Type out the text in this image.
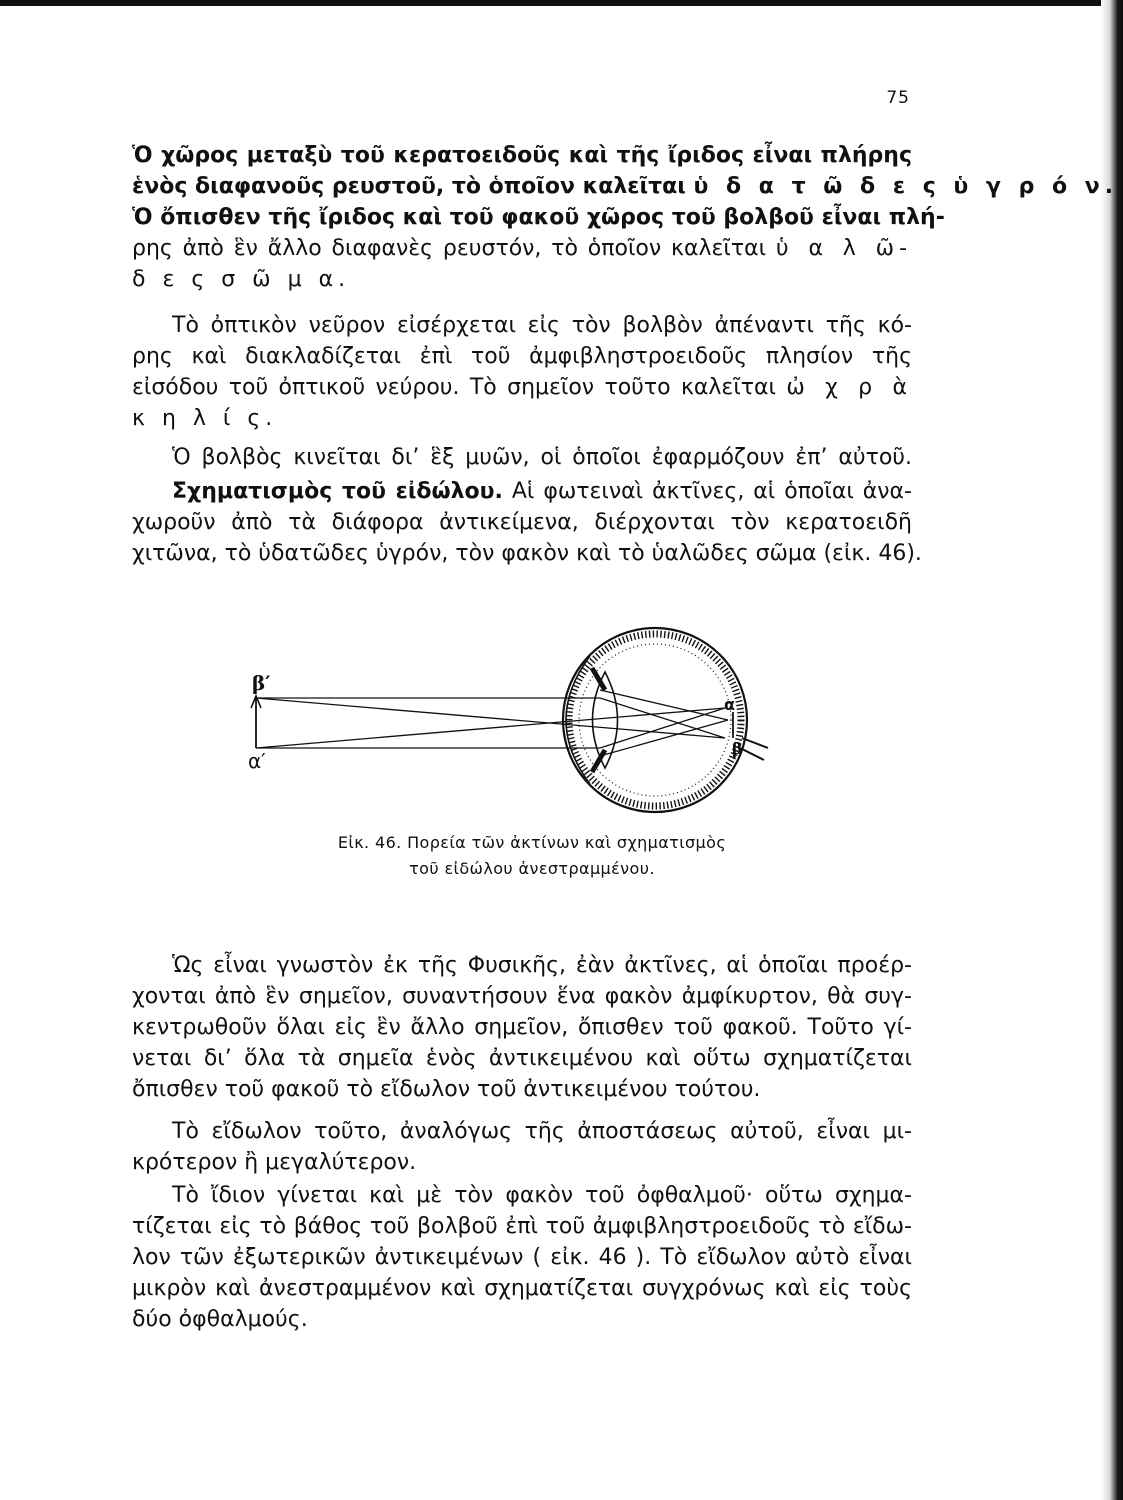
75
Ὁ χῶρος μεταξὺ τοῦ κερατοειδοῦς καὶ τῆς ἴριδος εἶναι πλήρης
ἑνὸς διαφανοῦς ρευστοῦ, τὸ ὁποῖον καλεῖται ὑ δ α τ ῶ δ ε ς ὑ γ ρ ό ν.
Ὁ ὄπισθεν τῆς ἴριδος καὶ τοῦ φακοῦ χῶρος τοῦ βολβοῦ εἶναι πλή-
ρης ἀπὸ ἓν ἄλλο διαφανὲς ρευστόν, τὸ ὁποῖον καλεῖται ὑ α λ ῶ-
δ ε ς σ ῶ μ α.
Τὸ ὀπτικὸν νεῦρον εἰσέρχεται εἰς τὸν βολβὸν ἀπέναντι τῆς κό-
ρης καὶ διακλαδίζεται ἐπὶ τοῦ ἀμφιβληστροειδοῦς πλησίον τῆς
εἰσόδου τοῦ ὀπτικοῦ νεύρου. Τὸ σημεῖον τοῦτο καλεῖται ὠ χ ρ ὰ
κ η λ ί ς.
Ὁ βολβὸς κινεῖται δι’ ἓξ μυῶν, οἱ ὁποῖοι ἐφαρμόζουν ἐπ’ αὐτοῦ.
Σχηματισμὸς τοῦ εἰδώλου. Αἱ φωτειναὶ ἀκτῖνες, αἱ ὁποῖαι ἀνα-
χωροῦν ἀπὸ τὰ διάφορα ἀντικείμενα, διέρχονται τὸν κερατοειδῆ
χιτῶνα, τὸ ὑδατῶδες ὑγρόν, τὸν φακὸν καὶ τὸ ὑαλῶδες σῶμα (εἰκ. 46).
β′
α′
α
β
Εἰκ. 46. Πορεία τῶν ἀκτίνων καὶ σχηματισμὸς
τοῦ εἰδώλου ἀνεστραμμένου.
Ὡς εἶναι γνωστὸν ἐκ τῆς Φυσικῆς, ἐὰν ἀκτῖνες, αἱ ὁποῖαι προέρ-
χονται ἀπὸ ἓν σημεῖον, συναντήσουν ἕνα φακὸν ἀμφίκυρτον, θὰ συγ-
κεντρωθοῦν ὅλαι εἰς ἓν ἄλλο σημεῖον, ὄπισθεν τοῦ φακοῦ. Τοῦτο γί-
νεται δι’ ὅλα τὰ σημεῖα ἑνὸς ἀντικειμένου καὶ οὕτω σχηματίζεται
ὄπισθεν τοῦ φακοῦ τὸ εἴδωλον τοῦ ἀντικειμένου τούτου.
Τὸ εἴδωλον τοῦτο, ἀναλόγως τῆς ἀποστάσεως αὐτοῦ, εἶναι μι-
κρότερον ἢ μεγαλύτερον.
Τὸ ἴδιον γίνεται καὶ μὲ τὸν φακὸν τοῦ ὀφθαλμοῦ· οὕτω σχημα-
τίζεται εἰς τὸ βάθος τοῦ βολβοῦ ἐπὶ τοῦ ἀμφιβληστροειδοῦς τὸ εἴδω-
λον τῶν ἐξωτερικῶν ἀντικειμένων ( εἰκ. 46 ). Τὸ εἴδωλον αὐτὸ εἶναι
μικρὸν καὶ ἀνεστραμμένον καὶ σχηματίζεται συγχρόνως καὶ εἰς τοὺς
δύο ὀφθαλμούς.
